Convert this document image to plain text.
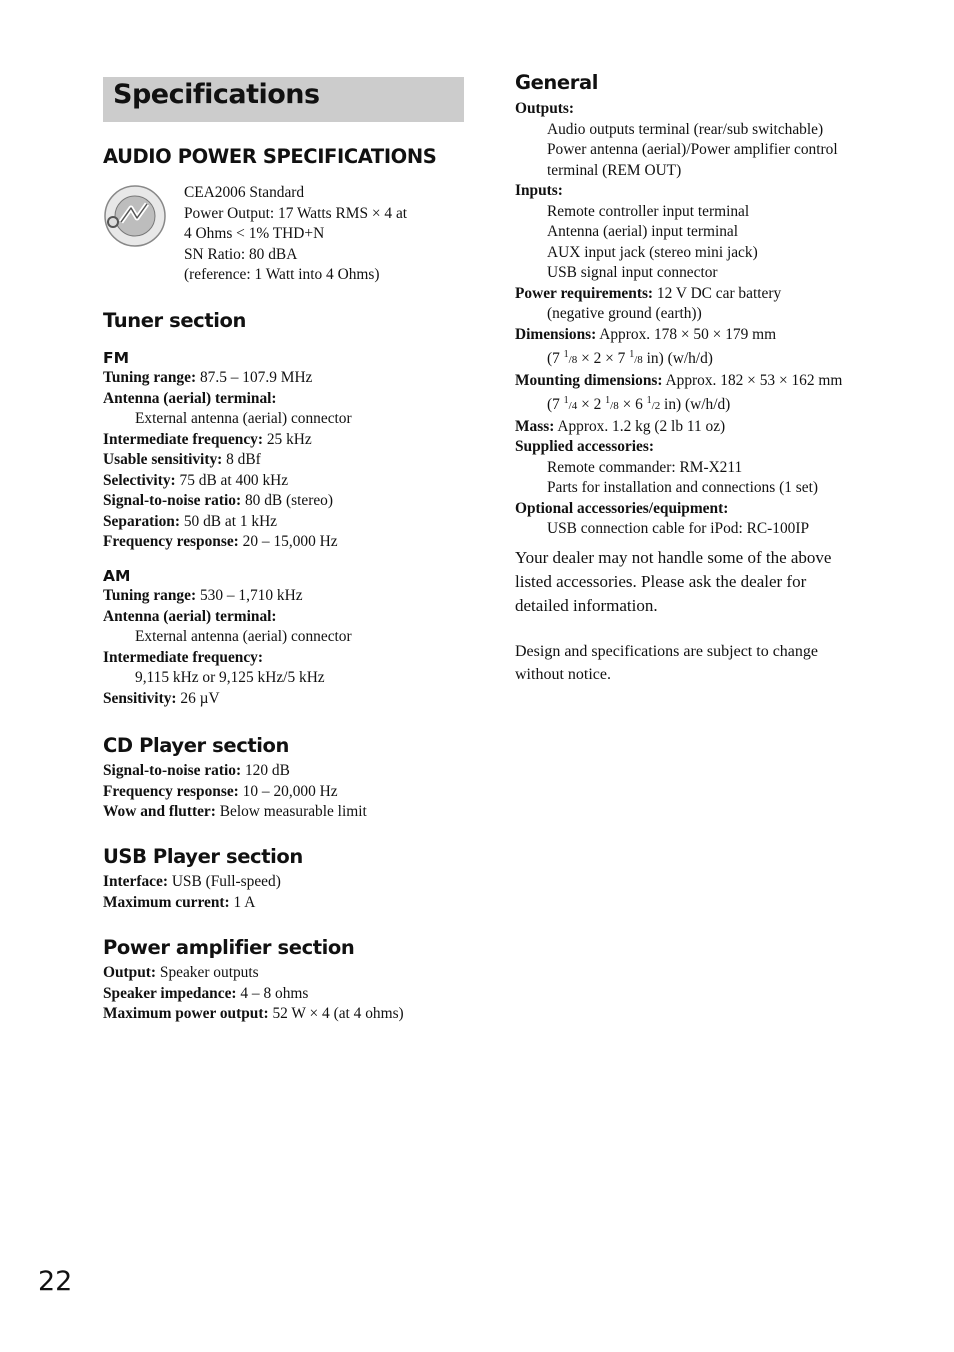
Specifications
AUDIO POWER SPECIFICATIONS
CEA2006 Standard
Power Output: 17 Watts RMS × 4 at
4 Ohms < 1% THD+N
SN Ratio: 80 dBA
(reference: 1 Watt into 4 Ohms)
Tuner section
FM
Tuning range: 87.5 – 107.9 MHz
Antenna (aerial) terminal:
External antenna (aerial) connector
Intermediate frequency: 25 kHz
Usable sensitivity: 8 dBf
Selectivity: 75 dB at 400 kHz
Signal-to-noise ratio: 80 dB (stereo)
Separation: 50 dB at 1 kHz
Frequency response: 20 – 15,000 Hz
AM
Tuning range: 530 – 1,710 kHz
Antenna (aerial) terminal:
External antenna (aerial) connector
Intermediate frequency:
9,115 kHz or 9,125 kHz/5 kHz
Sensitivity: 26 µV
CD Player section
Signal-to-noise ratio: 120 dB
Frequency response: 10 – 20,000 Hz
Wow and flutter: Below measurable limit
USB Player section
Interface: USB (Full-speed)
Maximum current: 1 A
Power amplifier section
Output: Speaker outputs
Speaker impedance: 4 – 8 ohms
Maximum power output: 52 W × 4 (at 4 ohms)
General
Outputs:
Audio outputs terminal (rear/sub switchable)
Power antenna (aerial)/Power amplifier control
terminal (REM OUT)
Inputs:
Remote controller input terminal
Antenna (aerial) input terminal
AUX input jack (stereo mini jack)
USB signal input connector
Power requirements: 12 V DC car battery
(negative ground (earth))
Dimensions: Approx. 178 × 50 × 179 mm
(7 $^1$/8 × 2 × 7 $^1$/8 in) (w/h/d)
Mounting dimensions: Approx. 182 × 53 × 162 mm
(7 $^1$/4 × 2 $^1$/8 × 6 $^1$/2 in) (w/h/d)
Mass: Approx. 1.2 kg (2 lb 11 oz)
Supplied accessories:
Remote commander: RM-X211
Parts for installation and connections (1 set)
Optional accessories/equipment:
USB connection cable for iPod: RC-100IP
Your dealer may not handle some of the above
listed accessories. Please ask the dealer for
detailed information.
Design and specifications are subject to change
without notice.
22
